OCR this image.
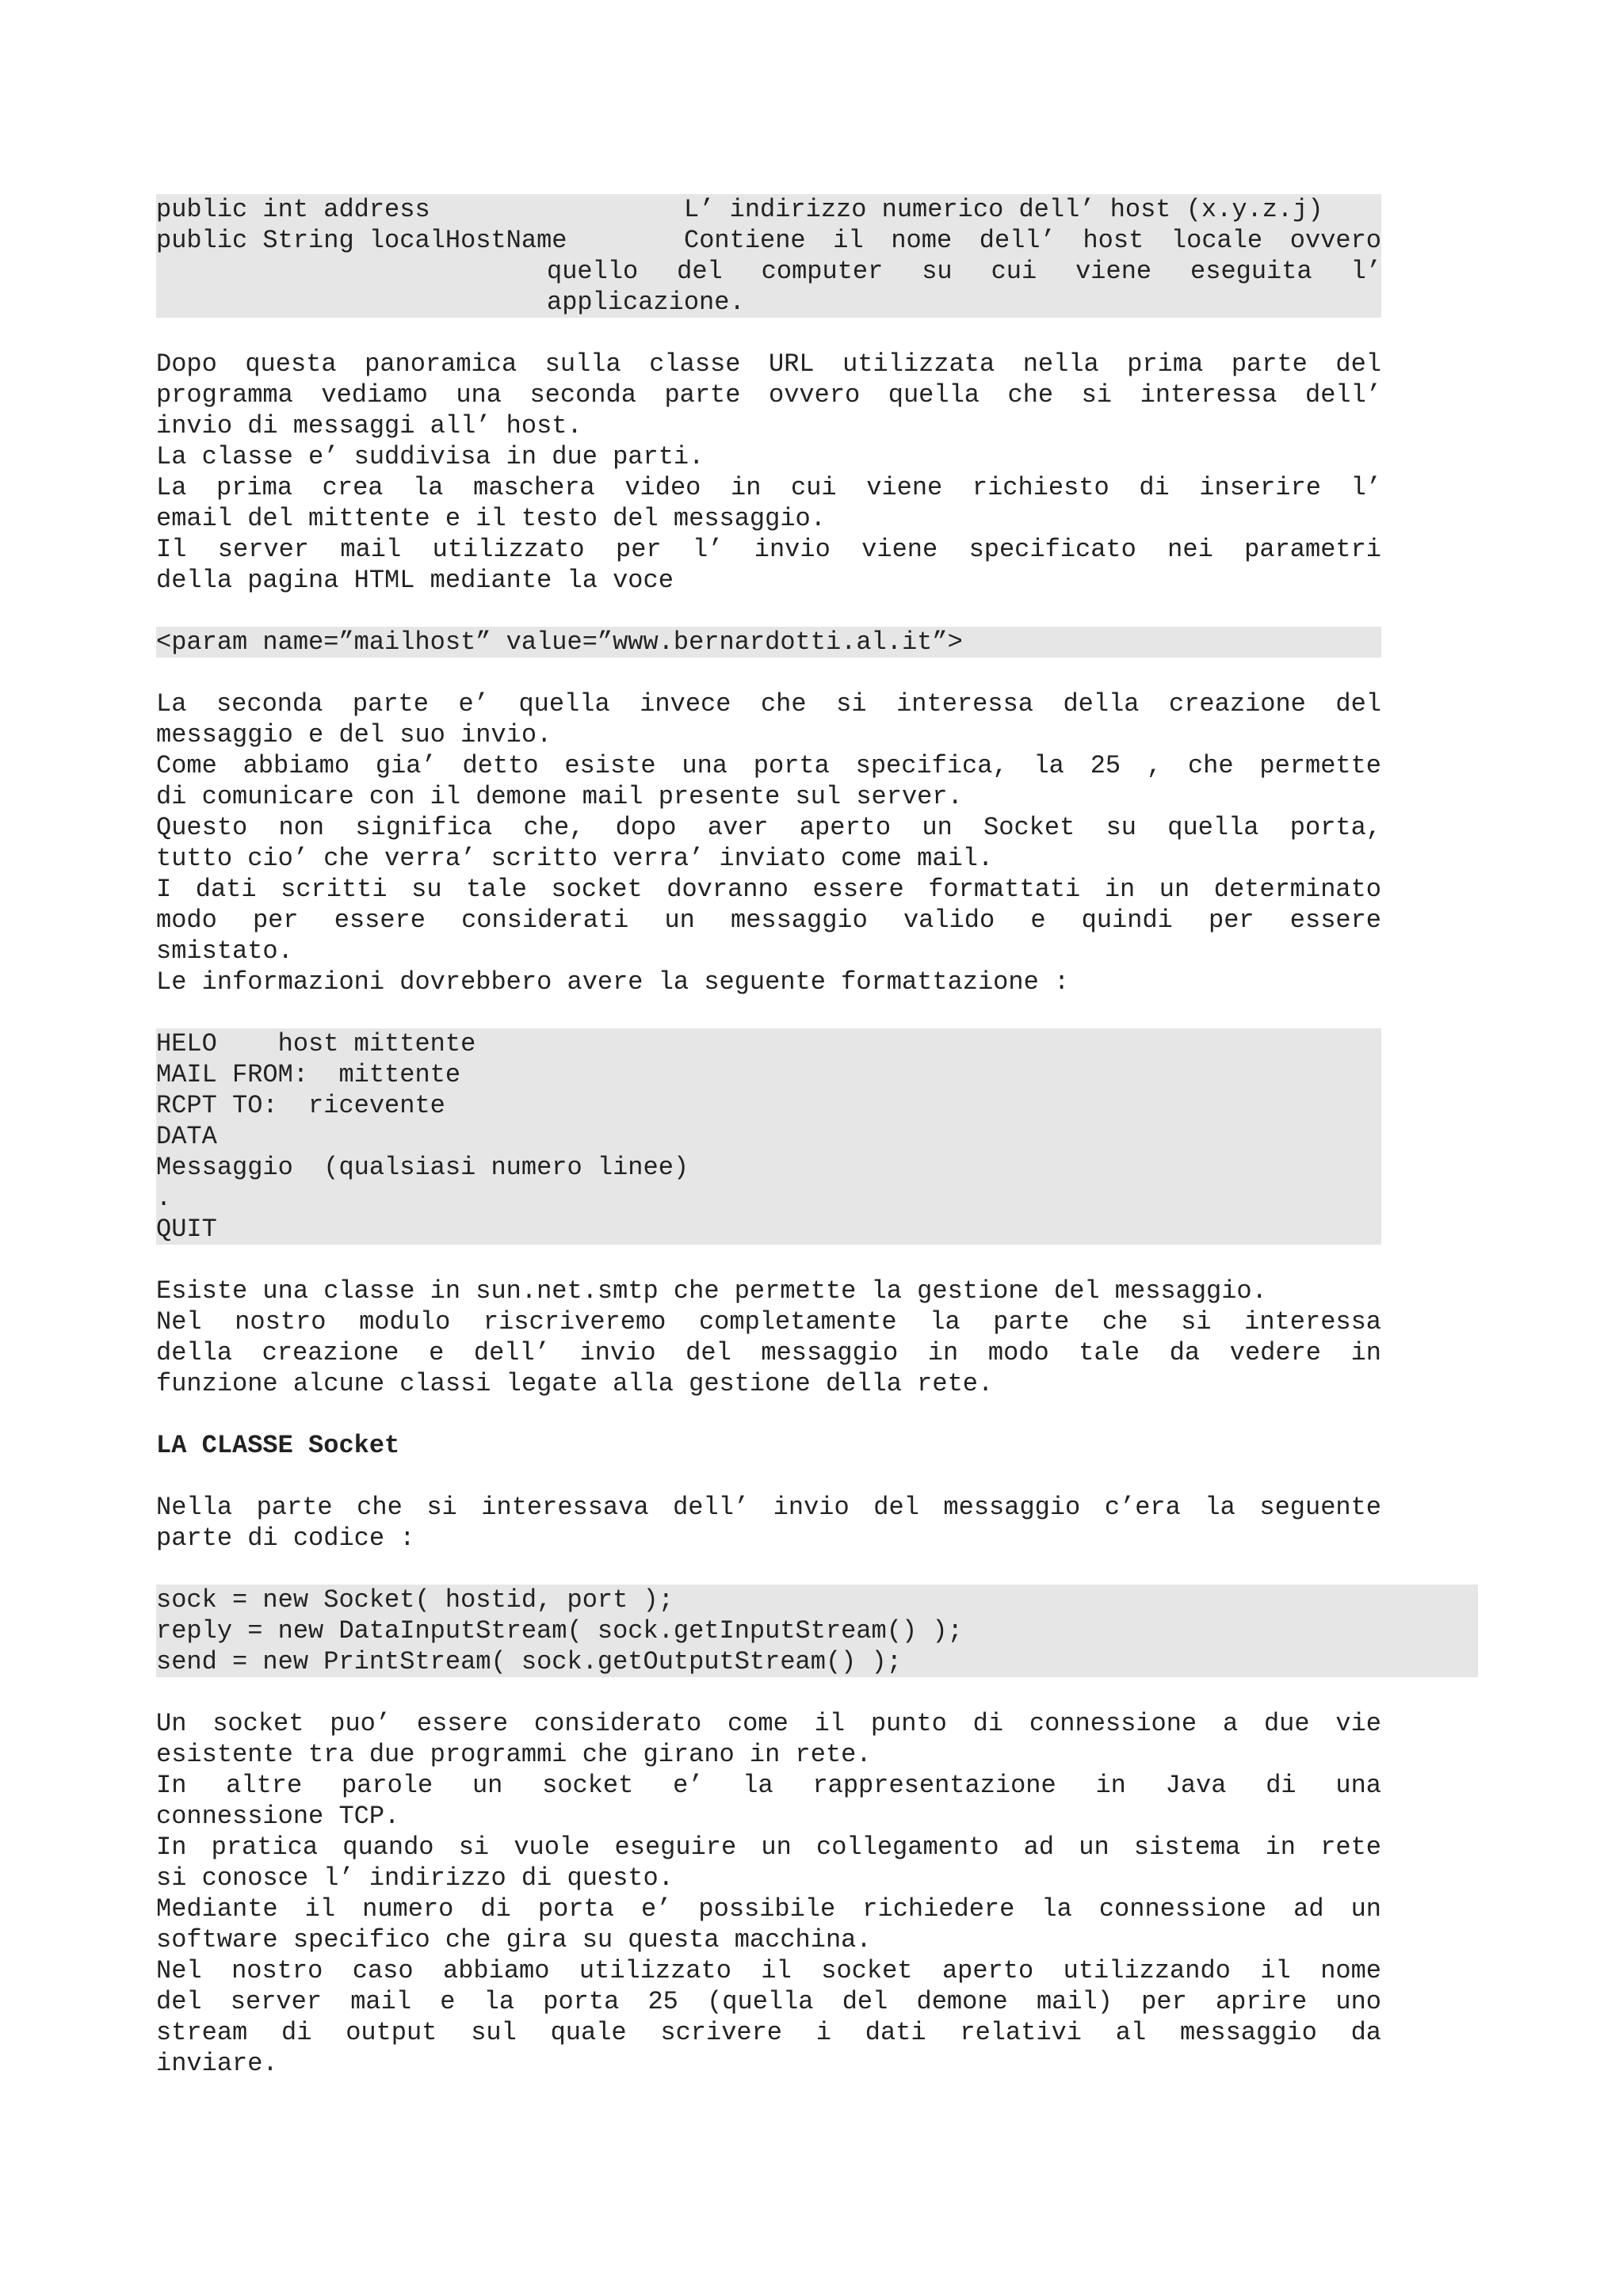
public int address	L’ indirizzo numerico dell’ host (x.y.z.j)
public String localHostName	Contiene il nome dell’ host locale ovvero
quello del computer su cui viene eseguita l’
applicazione.
Dopo questa panoramica sulla classe URL utilizzata nella prima parte del
programma vediamo una seconda parte ovvero quella che si interessa dell’
invio di messaggi all’ host.
La classe e’ suddivisa in due parti.
La prima crea la maschera video in cui viene richiesto di inserire l’
email del mittente e il testo del messaggio.
Il server mail utilizzato per l’ invio viene specificato nei parametri
della pagina HTML mediante la voce
<param name=”mailhost” value=”www.bernardotti.al.it”>
La seconda parte e’ quella invece che si interessa della creazione del
messaggio e del suo invio.
Come abbiamo gia’ detto esiste una porta specifica, la 25 , che permette
di comunicare con il demone mail presente sul server.
Questo non significa che, dopo aver aperto un Socket su quella porta,
tutto cio’ che verra’ scritto verra’ inviato come mail.
I dati scritti su tale socket dovranno essere formattati in un determinato
modo per essere considerati un messaggio valido e quindi per essere
smistato.
Le informazioni dovrebbero avere la seguente formattazione :
HELO    host mittente
MAIL FROM:  mittente
RCPT TO:  ricevente
DATA
Messaggio  (qualsiasi numero linee)
.
QUIT
Esiste una classe in sun.net.smtp che permette la gestione del messaggio.
Nel nostro modulo riscriveremo completamente la parte che si interessa
della creazione e dell’ invio del messaggio in modo tale da vedere in
funzione alcune classi legate alla gestione della rete.
LA CLASSE Socket
Nella parte che si interessava dell’ invio del messaggio c’era la seguente
parte di codice :
sock = new Socket( hostid, port );
reply = new DataInputStream( sock.getInputStream() );
send = new PrintStream( sock.getOutputStream() );
Un socket puo’ essere considerato come il punto di connessione a due vie
esistente tra due programmi che girano in rete.
In altre parole un socket e’ la rappresentazione in Java di una
connessione TCP.
In pratica quando si vuole eseguire un collegamento ad un sistema in rete
si conosce l’ indirizzo di questo.
Mediante il numero di porta e’ possibile richiedere la connessione ad un
software specifico che gira su questa macchina.
Nel nostro caso abbiamo utilizzato il socket aperto utilizzando il nome
del server mail e la porta 25 (quella del demone mail) per aprire uno
stream di output sul quale scrivere i dati relativi al messaggio da
inviare.
